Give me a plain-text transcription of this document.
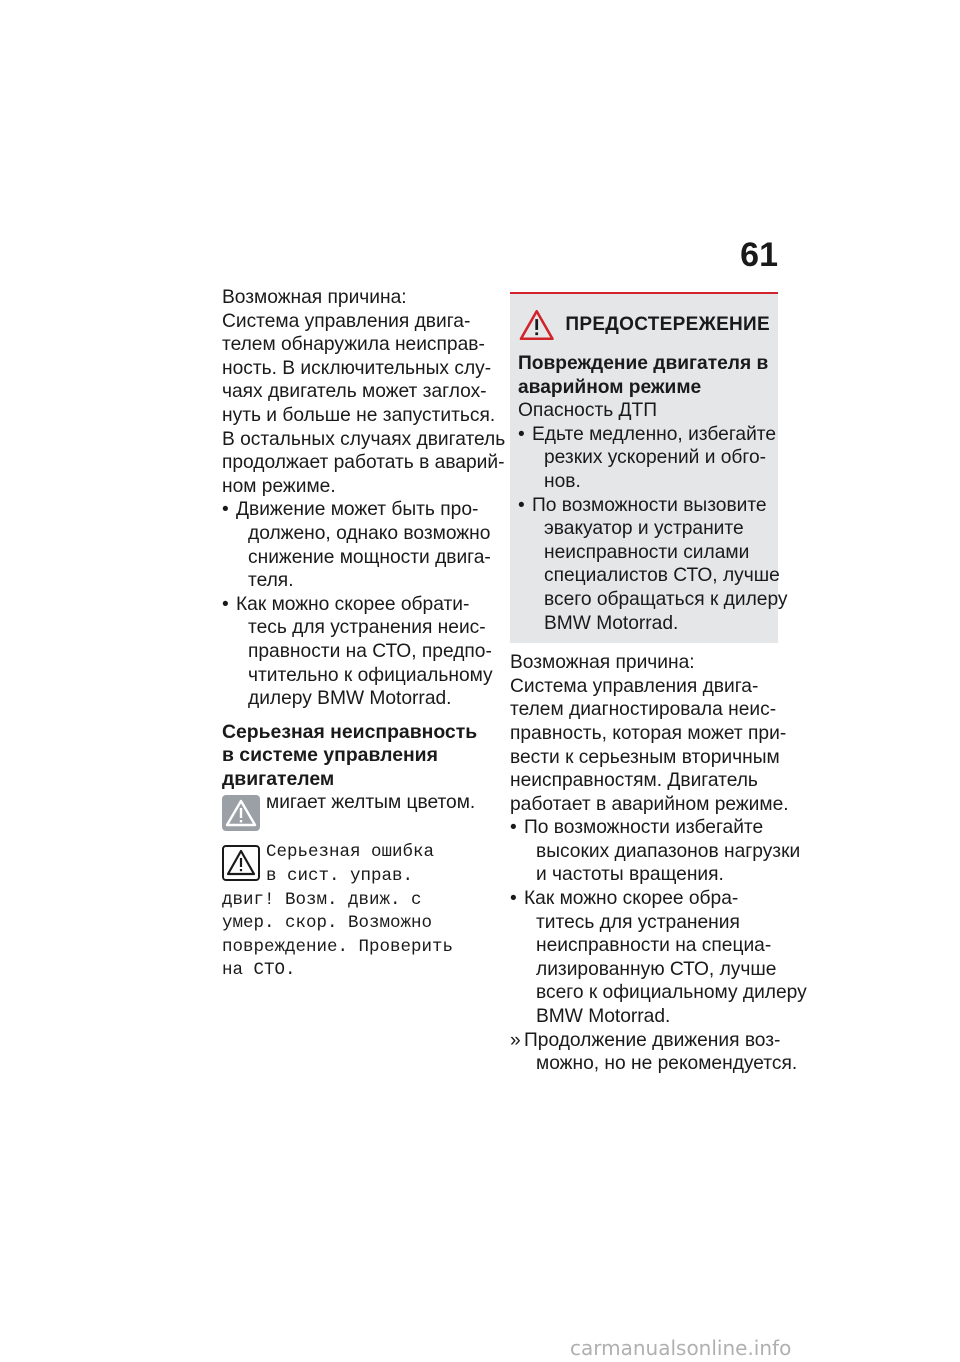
61

Возможная причина:
Система управления двига-
телем обнаружила неисправ-
ность. В исключительных слу-
чаях двигатель может заглох-
нуть и больше не запуститься.
В остальных случаях двигатель
продолжает работать в аварий-
ном режиме.

• Движение может быть про-
должено, однако возможно
снижение мощности двига-
теля.
• Как можно скорее обрати-
тесь для устранения неис-
правности на СТО, предпо-
чтительно к официальному
дилеру BMW Motorrad.
Серьезная неисправность
в системе управления
двигателем
мигает желтым цветом.
Серьезная ошибка
в сист. управ.
двиг! Возм. движ. с
умер. скор. Возможно
повреждение. Проверить
на СТО.
ПРЕДОСТЕРЕЖЕНИЕ
Повреждение двигателя в
аварийном режиме
Опасность ДТП
• Едьте медленно, избегайте
резких ускорений и обго-
нов.
• По возможности вызовите
эвакуатор и устраните
неисправности силами
специалистов СТО, лучше
всего обращаться к дилеру
BMW Motorrad.

Возможная причина:
Система управления двига-
телем диагностировала неис-
правность, которая может при-
вести к серьезным вторичным
неисправностям. Двигатель
работает в аварийном режиме.

• По возможности избегайте
высоких диапазонов нагрузки
и частоты вращения.
• Как можно скорее обра-
титесь для устранения
неисправности на специа-
лизированную СТО, лучше
всего к официальному дилеру
BMW Motorrad.
» Продолжение движения воз-
можно, но не рекомендуется.
carmanualsonline.info
